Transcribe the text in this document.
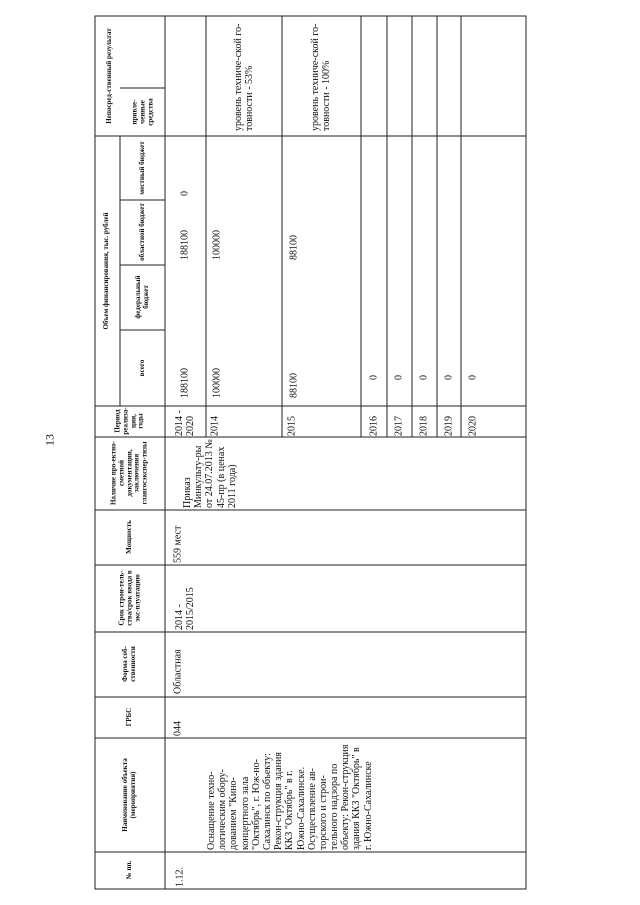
13
№ пп.
Наименование объекта (мероприятия)
ГРБС
Форма соб-ственности
Срок строи-тель-ства/срок ввода в экс-плуатацию
Мощность
Наличие про-ектно-сметной документации, заключения главгосэкспер-тизы
Период реализа-ции, годы
Объем финансирования, тыс. рублей
всего
федеральный бюджет
областной бюджет
местный бюджет
привле-ченные средства
Непосред-ственный результат
1.12.
Оснащение техно-логическим обору-дованием "Кино-концертного зала "Октябрь", г. Юж-но-Сахалинск по объекту: Рекон-струкция здания ККЗ "Октябрь" в г. Южно-Сахалинске. Осуществление ав-торского и строи-тельного надзора по объекту: Рекон-струкция здания ККЗ "Октябрь" в г. Южно-Сахалинске
044
Областная
2014 - 2015/2015
559 мест
Приказ Минкульту-ры от 24.07.2013 № 45-пр (в ценах 2011 года)
2014 - 2020
188100
188100
0
2014
100000
100000
уровень техниче-ской го-товности - 53%
2015
88100
88100
уровень техниче-ской го-товности - 100%
2016
0
2017
0
2018
0
2019
0
2020
0
